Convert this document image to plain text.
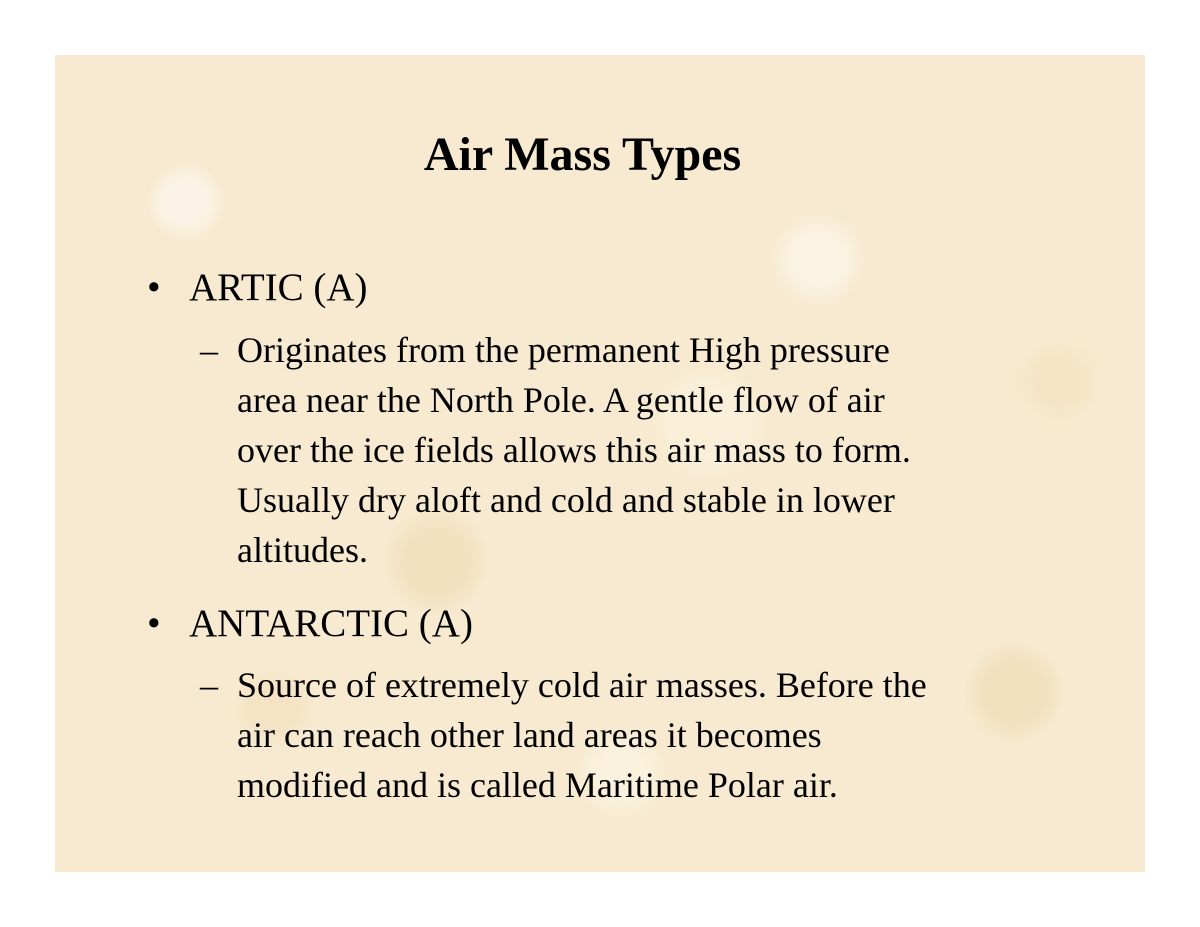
Air Mass Types
• ARTIC (A)
– Originates from the permanent High pressure
area near the North Pole. A gentle flow of air
over the ice fields allows this air mass to form.
Usually dry aloft and cold and stable in lower
altitudes.
• ANTARCTIC (A)
– Source of extremely cold air masses. Before the
air can reach other land areas it becomes
modified and is called Maritime Polar air.
